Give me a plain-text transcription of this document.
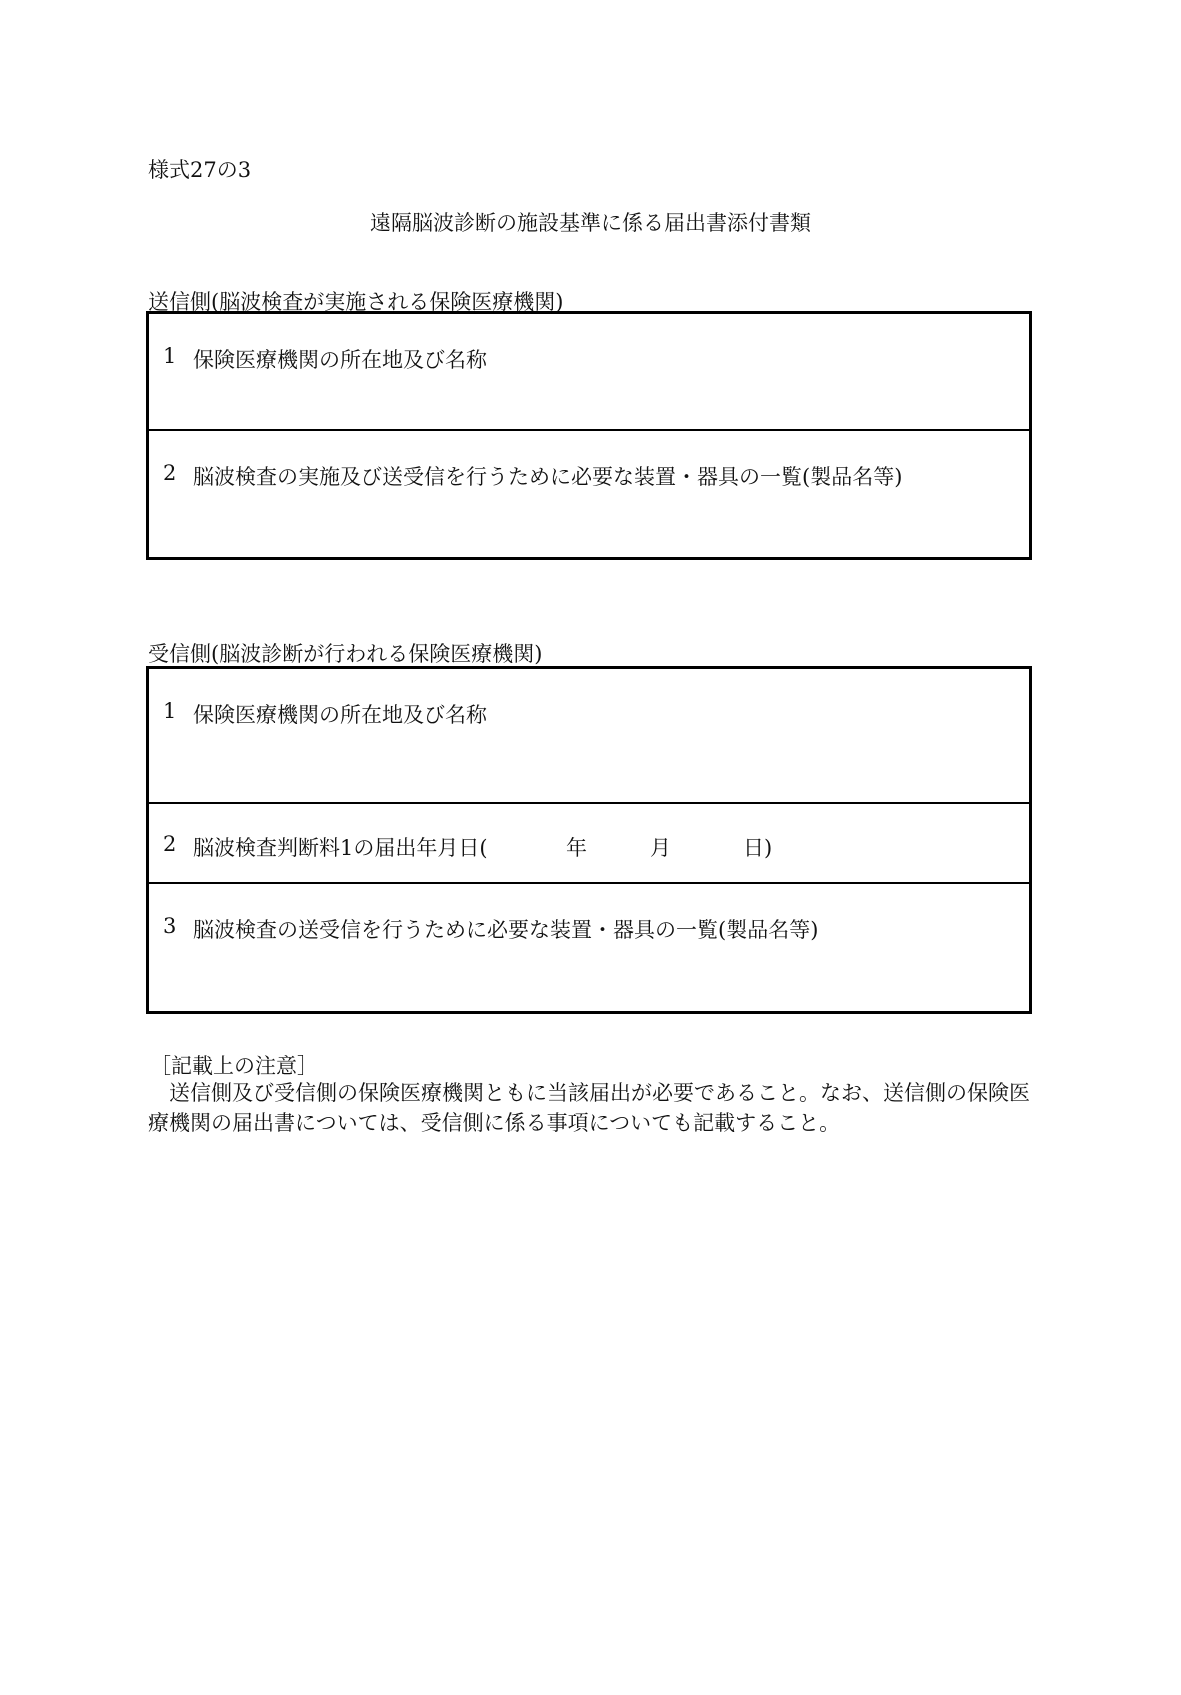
様式27の3
遠隔脳波診断の施設基準に係る届出書添付書類
送信側(脳波検査が実施される保険医療機関)
1 保険医療機関の所在地及び名称
2 脳波検査の実施及び送受信を行うために必要な装置・器具の一覧(製品名等)
受信側(脳波診断が行われる保険医療機関)
1 保険医療機関の所在地及び名称
2 脳波検査判断料1の届出年月日(	年	月	日)
3 脳波検査の送受信を行うために必要な装置・器具の一覧(製品名等)
［記載上の注意］
送信側及び受信側の保険医療機関ともに当該届出が必要であること。なお、送信側の保険医療機関の届出書については、受信側に係る事項についても記載すること。
